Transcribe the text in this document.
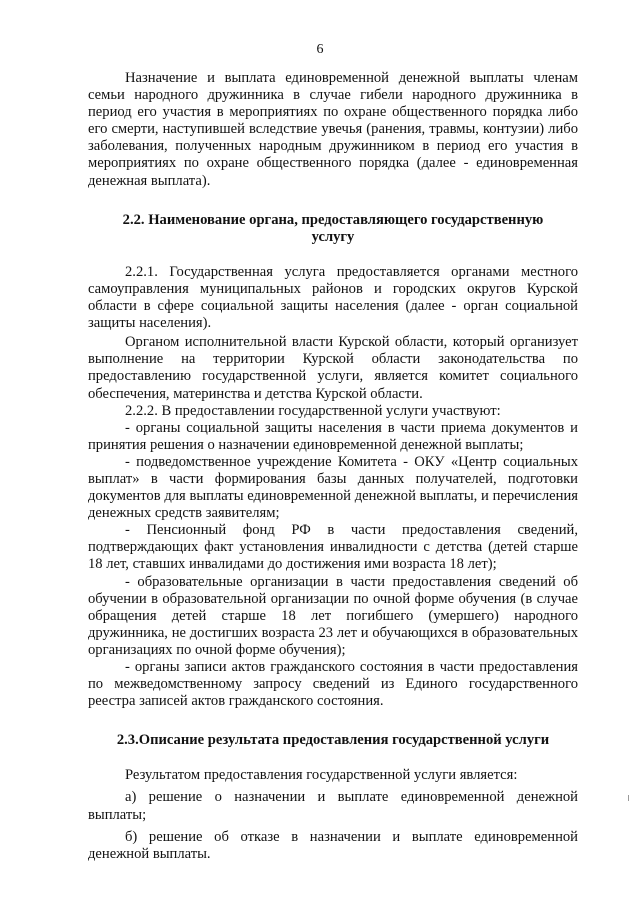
6

Назначение и выплата единовременной денежной выплаты членам семьи народного дружинника в случае гибели народного дружинника в период его участия в мероприятиях по охране общественного порядка либо его смерти, наступившей вследствие увечья (ранения, травмы, контузии) либо заболевания, полученных народным дружинником в период его участия в мероприятиях по охране общественного порядка (далее - единовременная денежная выплата).

2.2. Наименование органа, предоставляющего государственную услугу

2.2.1. Государственная услуга предоставляется органами местного самоуправления муниципальных районов и городских округов Курской области в сфере социальной защиты населения (далее - орган социальной защиты населения).

Органом исполнительной власти Курской области, который организует выполнение на территории Курской области законодательства по предоставлению государственной услуги, является комитет социального обеспечения, материнства и детства Курской области.

2.2.2. В предоставлении государственной услуги участвуют:

- органы социальной защиты населения в части приема документов и принятия решения о назначении единовременной денежной выплаты;

- подведомственное учреждение Комитета - ОКУ «Центр социальных выплат» в части формирования базы данных получателей, подготовки документов для выплаты единовременной денежной выплаты, и перечисления денежных средств заявителям;

- Пенсионный фонд РФ в части предоставления сведений, подтверждающих факт установления инвалидности с детства (детей старше 18 лет, ставших инвалидами до достижения ими возраста 18 лет);

- образовательные организации в части предоставления сведений об обучении в образовательной организации по очной форме обучения (в случае обращения детей старше 18 лет погибшего (умершего) народного дружинника, не достигших возраста 23 лет и обучающихся в образовательных организациях по очной форме обучения);

- органы записи актов гражданского состояния в части предоставления по межведомственному запросу сведений из Единого государственного реестра записей актов гражданского состояния.

2.3.Описание результата предоставления государственной услуги

Результатом предоставления государственной услуги является:

а) решение о назначении и выплате единовременной денежной выплаты;

б) решение об отказе в назначении и выплате единовременной денежной выплаты.
